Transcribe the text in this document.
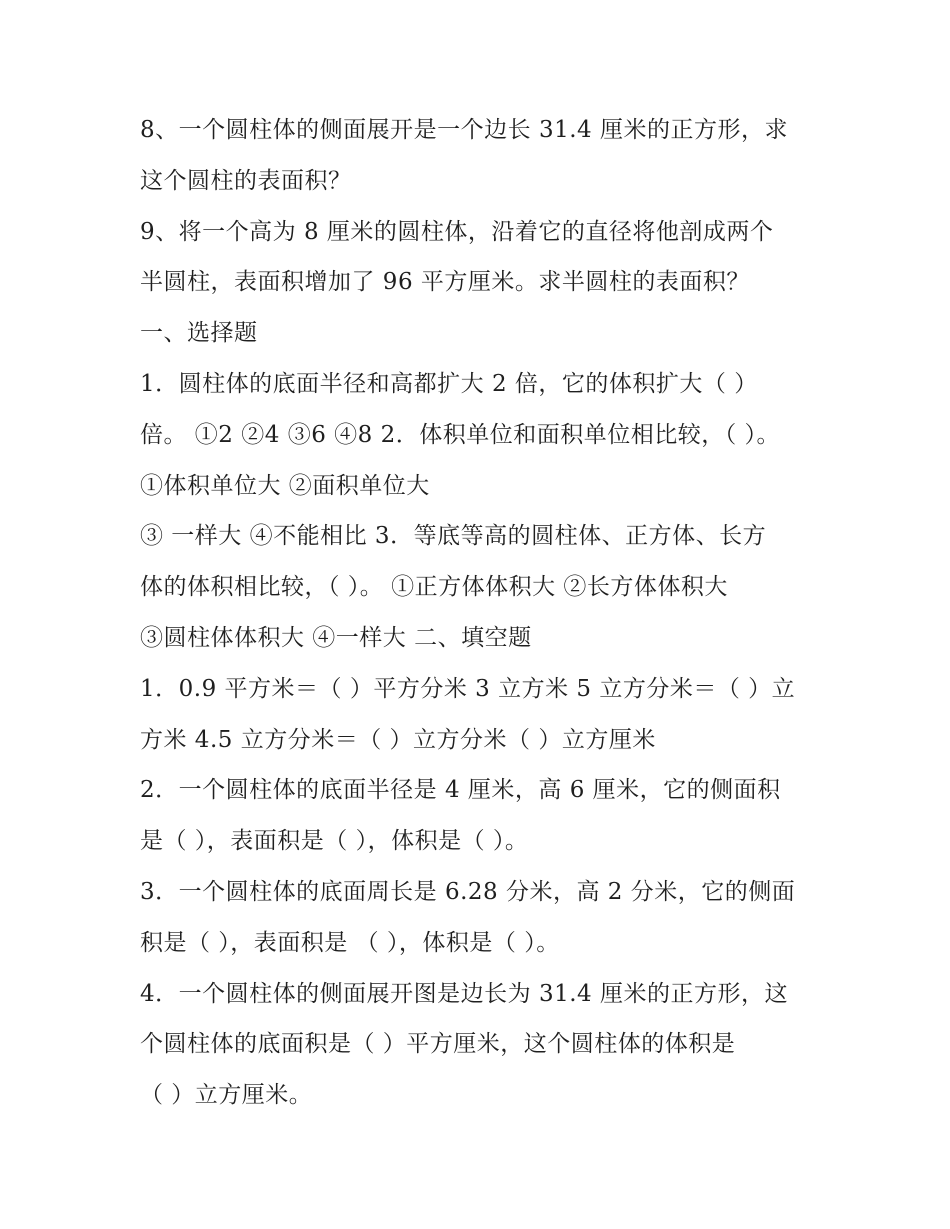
8、一个圆柱体的侧面展开是一个边长 31.4 厘米的正方形，求
这个圆柱的表面积？
9、将一个高为 8 厘米的圆柱体，沿着它的直径将他剖成两个
半圆柱，表面积增加了 96 平方厘米。求半圆柱的表面积？
一、选择题
1．圆柱体的底面半径和高都扩大 2 倍，它的体积扩大（ ）
倍。 ①2 ②4 ③6 ④8 2．体积单位和面积单位相比较，（ ）。
①体积单位大 ②面积单位大
③ 一样大 ④不能相比 3．等底等高的圆柱体、正方体、长方
体的体积相比较，（ ）。 ①正方体体积大 ②长方体体积大
③圆柱体体积大 ④一样大 二、填空题
1．0.9 平方米＝（ ）平方分米 3 立方米 5 立方分米＝（ ）立
方米 4.5 立方分米＝（ ）立方分米（ ）立方厘米
2．一个圆柱体的底面半径是 4 厘米，高 6 厘米，它的侧面积
是（ ），表面积是（ ），体积是（ ）。
3．一个圆柱体的底面周长是 6.28 分米，高 2 分米，它的侧面
积是（ ），表面积是 （ ），体积是（ ）。
4．一个圆柱体的侧面展开图是边长为 31.4 厘米的正方形，这
个圆柱体的底面积是（ ）平方厘米，这个圆柱体的体积是
（ ）立方厘米。
